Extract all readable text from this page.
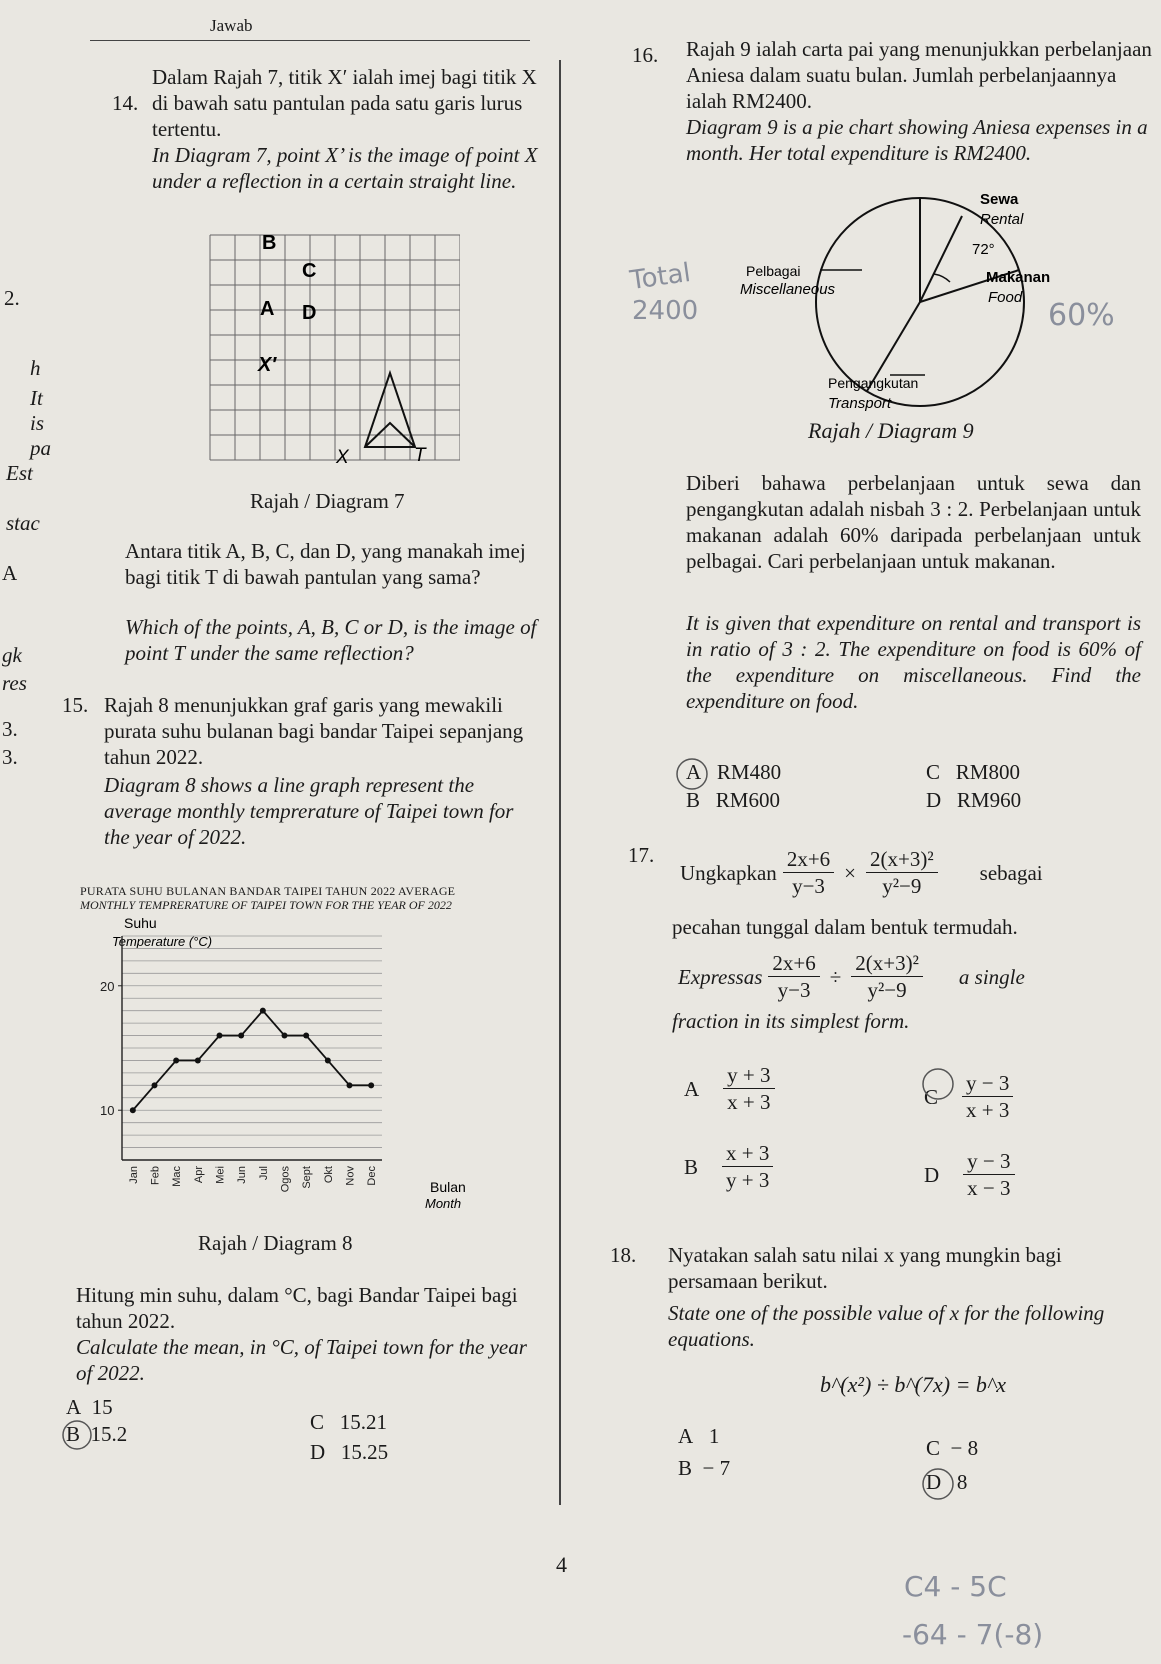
Jawab
2.
h
It
is
pa
Est
stac
A
gk
res
3.
3.
14.
Dalam Rajah 7, titik X′ ialah imej bagi titik X di bawah satu pantulan pada satu garis lurus tertentu.
In Diagram 7, point X’ is the image of point X under a reflection in a certain straight line.
B
C
A D
X′
X	T
Rajah / Diagram 7
Antara titik A, B, C, dan D, yang manakah imej bagi titik T di bawah pantulan yang sama?
Which of the points, A, B, C or D, is the image of point T under the same reflection?
15. Rajah 8 menunjukkan graf garis yang mewakili purata suhu bulanan bagi bandar Taipei sepanjang tahun 2022.
Diagram 8 shows a line graph represent the average monthly temprerature of Taipei town for the year of 2022.
PURATA SUHU BULANAN BANDAR TAIPEI TAHUN 2022 AVERAGE
MONTHLY TEMPRERATURE OF TAIPEI TOWN FOR THE YEAR OF 2022
Suhu
Temperature (°C)
10
20
Jan Feb Mac Apr Mei Jun Jul Ogos Sept Okt Nov Dec
Bulan
Month
Rajah / Diagram 8
Hitung min suhu, dalam °C, bagi Bandar Taipei bagi tahun 2022.
Calculate the mean, in °C, of Taipei town for the year of 2022.
A 15
B 15.2	C 15.21
D 15.25
16. Rajah 9 ialah carta pai yang menunjukkan perbelanjaan Aniesa dalam suatu bulan. Jumlah perbelanjaannya ialah RM2400.
Diagram 9 is a pie chart showing Aniesa expenses in a month. Her total expenditure is RM2400.
Sewa
Rental
72°
Makanan
Food
Pelbagai
Miscellaneous
Pengangkutan
Transport
Rajah / Diagram 9
Diberi bahawa perbelanjaan untuk sewa dan pengangkutan adalah nisbah 3 : 2. Perbelanjaan untuk makanan adalah 60% daripada perbelanjaan untuk pelbagai. Cari perbelanjaan untuk makanan.
It is given that expenditure on rental and transport is in ratio of 3 : 2. The expenditure on food is 60% of the expenditure on miscellaneous. Find the expenditure on food.
A RM480
B RM600
C RM800
D RM960
17.
Ungkapkan $\frac{2x+6}{y-3} \times \frac{\text{2(x+3)²}}{\text{y²−9}}$ sebagai
pecahan tunggal dalam bentuk termudah.
Expressas $\frac{2x+6}{y-3} \div \frac{\text{2(x+3)²}}{\text{y²−9}}$ a single
fraction in its simplest form.
A $\frac{y + 3}{x + 3}$
B $\frac{x + 3}{y + 3}$
C $\frac{y - 3}{x + 3}$
D $\frac{y - 3}{x - 3}$
18. Nyatakan salah satu nilai x yang mungkin bagi persamaan berikut.
State one of the possible value of x for the following equations.
b^(x²) ÷ b^(7x) = b^x
A 1
B − 7
C − 8
D 8
4
Total
2400	60%
C4 - 5C
-64 - 7(-8)
